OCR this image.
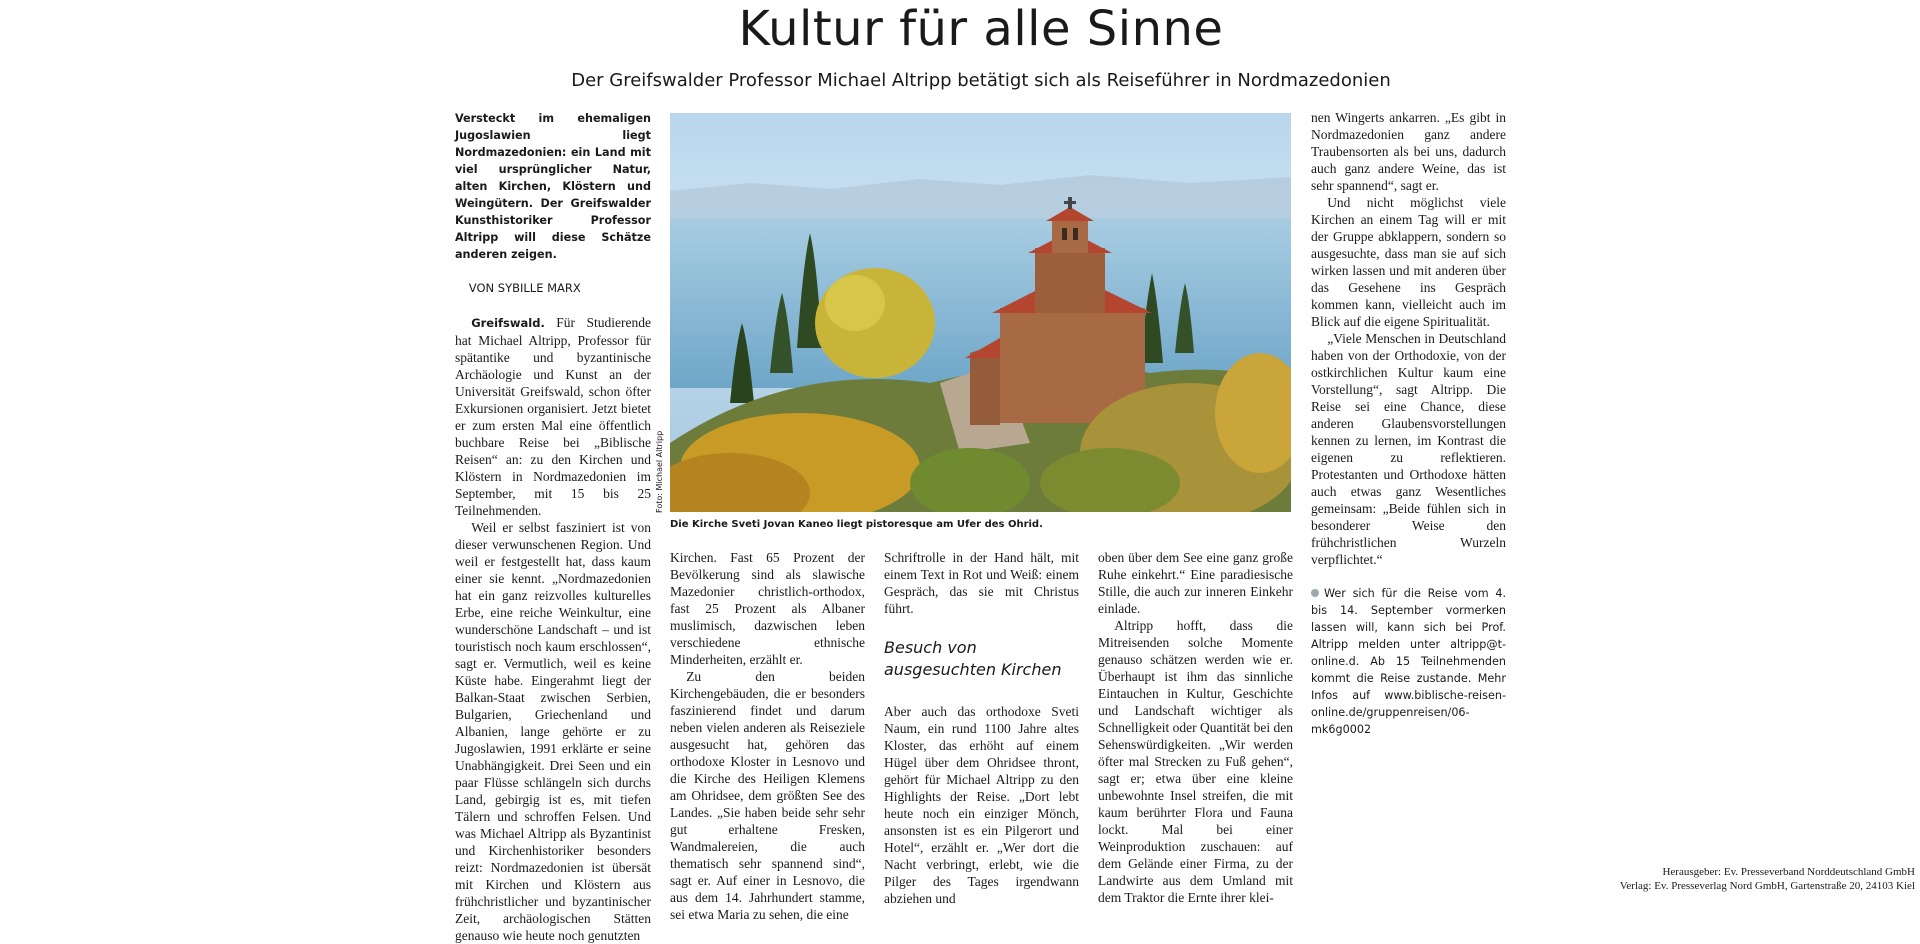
Kultur für alle Sinne
Der Greifswalder Professor Michael Altripp betätigt sich als Reiseführer in Nordmazedonien

Versteckt im ehemaligen Jugoslawien liegt Nordmazedonien: ein Land mit viel ursprünglicher Natur, alten Kirchen, Klöstern und Weingütern. Der Greifswalder Kunsthistoriker Professor Altripp will diese Schätze anderen zeigen.

VON SYBILLE MARX

Greifswald. Für Studierende hat Michael Altripp, Professor für spätantike und byzantinische Archäologie und Kunst an der Universität Greifswald, schon öfter Exkursionen organisiert. Jetzt bietet er zum ersten Mal eine öffentlich buchbare Reise bei „Biblische Reisen“ an: zu den Kirchen und Klöstern in Nordmazedonien im September, mit 15 bis 25 Teilnehmenden.

Weil er selbst fasziniert ist von dieser verwunschenen Region. Und weil er festgestellt hat, dass kaum einer sie kennt. „Nordmazedonien hat ein ganz reizvolles kulturelles Erbe, eine reiche Weinkultur, eine wunderschöne Landschaft – und ist touristisch noch kaum erschlossen“, sagt er. Vermutlich, weil es keine Küste habe. Eingerahmt liegt der Balkan-Staat zwischen Serbien, Bulgarien, Griechenland und Albanien, lange gehörte er zu Jugoslawien, 1991 erklärte er seine Unabhängigkeit. Drei Seen und ein paar Flüsse schlängeln sich durchs Land, gebirgig ist es, mit tiefen Tälern und schroffen Felsen. Und was Michael Altripp als Byzantinist und Kirchenhistoriker besonders reizt: Nordmazedonien ist übersät mit Kirchen und Klöstern aus frühchristlicher und byzantinischer Zeit, archäologischen Stätten genauso wie heute noch genutzten

Foto: Michael Altripp

Die Kirche Sveti Jovan Kaneo liegt pistoresque am Ufer des Ohrid.

Kirchen. Fast 65 Prozent der Bevölkerung sind als slawische Mazedonier christlich-orthodox, fast 25 Prozent als Albaner muslimisch, dazwischen leben verschiedene ethnische Minderheiten, erzählt er.

Zu den beiden Kirchengebäuden, die er besonders faszinierend findet und darum neben vielen anderen als Reiseziele ausgesucht hat, gehören das orthodoxe Kloster in Lesnovo und die Kirche des Heiligen Klemens am Ohridsee, dem größten See des Landes. „Sie haben beide sehr sehr gut erhaltene Fresken, Wandmalereien, die auch thematisch sehr spannend sind“, sagt er. Auf einer in Lesnovo, die aus dem 14. Jahrhundert stamme, sei etwa Maria zu sehen, die eine

Schriftrolle in der Hand hält, mit einem Text in Rot und Weiß: einem Gespräch, das sie mit Christus führt.

Besuch von ausgesuchten Kirchen

Aber auch das orthodoxe Sveti Naum, ein rund 1100 Jahre altes Kloster, das erhöht auf einem Hügel über dem Ohridsee thront, gehört für Michael Altripp zu den Highlights der Reise. „Dort lebt heute noch ein einziger Mönch, ansonsten ist es ein Pilgerort und Hotel“, erzählt er. „Wer dort die Nacht verbringt, erlebt, wie die Pilger des Tages irgendwann abziehen und

oben über dem See eine ganz große Ruhe einkehrt.“ Eine paradiesische Stille, die auch zur inneren Einkehr einlade.

Altripp hofft, dass die Mitreisenden solche Momente genauso schätzen werden wie er. Überhaupt ist ihm das sinnliche Eintauchen in Kultur, Geschichte und Landschaft wichtiger als Schnelligkeit oder Quantität bei den Sehenswürdigkeiten. „Wir werden öfter mal Strecken zu Fuß gehen“, sagt er; etwa über eine kleine unbewohnte Insel streifen, die mit kaum berührter Flora und Fauna lockt. Mal bei einer Weinproduktion zuschauen: auf dem Gelände einer Firma, zu der Landwirte aus dem Umland mit dem Traktor die Ernte ihrer klei-

nen Wingerts ankarren. „Es gibt in Nordmazedonien ganz andere Traubensorten als bei uns, dadurch auch ganz andere Weine, das ist sehr spannend“, sagt er.

Und nicht möglichst viele Kirchen an einem Tag will er mit der Gruppe abklappern, sondern so ausgesuchte, dass man sie auf sich wirken lassen und mit anderen über das Gesehene ins Gespräch kommen kann, vielleicht auch im Blick auf die eigene Spiritualität.

„Viele Menschen in Deutschland haben von der Orthodoxie, von der ostkirchlichen Kultur kaum eine Vorstellung“, sagt Altripp. Die Reise sei eine Chance, diese anderen Glaubensvorstellungen kennen zu lernen, im Kontrast die eigenen zu reflektieren. Protestanten und Orthodoxe hätten auch etwas ganz Wesentliches gemeinsam: „Beide fühlen sich in besonderer Weise den frühchristlichen Wurzeln verpflichtet.“

Wer sich für die Reise vom 4. bis 14. September vormerken lassen will, kann sich bei Prof. Altripp melden unter altripp@t-online.d. Ab 15 Teilnehmenden kommt die Reise zustande. Mehr Infos auf www.biblische-reisen-online.de/gruppenreisen/06-mk6g0002
Herausgeber: Ev. Presseverband Norddeutschland GmbH
Verlag: Ev. Presseverlag Nord GmbH, Gartenstraße 20, 24103 Kiel
